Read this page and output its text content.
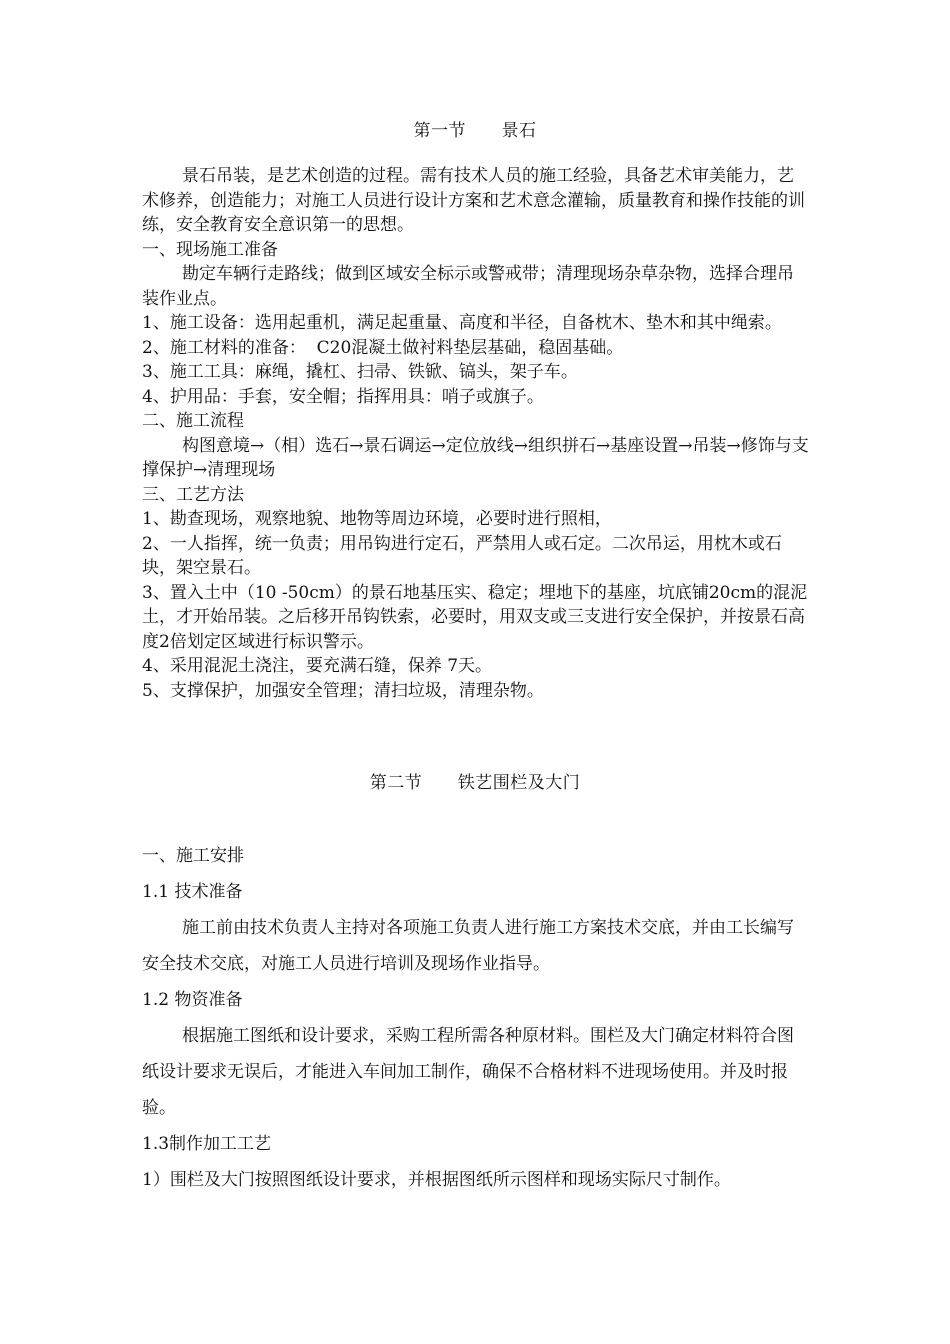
第一节      景石
景石吊装，是艺术创造的过程。需有技术人员的施工经验，具备艺术审美能力，艺术修养，创造能力；对施工人员进行设计方案和艺术意念灌输，质量教育和操作技能的训练，安全教育安全意识第一的思想。
一、现场施工准备
勘定车辆行走路线；做到区域安全标示或警戒带；清理现场杂草杂物，选择合理吊装作业点。
1、施工设备：选用起重机，满足起重量、高度和半径，自备枕木、垫木和其中绳索。
2、施工材料的准备：  C20混凝土做衬料垫层基础，稳固基础。
3、施工工具：麻绳，撬杠、扫帚、铁锨、镐头，架子车。
4、护用品：手套，安全帽；指挥用具：哨子或旗子。
二、施工流程
构图意境→（相）选石→景石调运→定位放线→组织拼石→基座设置→吊装→修饰与支撑保护→清理现场
三、工艺方法
1、勘查现场，观察地貌、地物等周边环境，必要时进行照相，
2、一人指挥，统一负责；用吊钩进行定石，严禁用人或石定。二次吊运，用枕木或石块，架空景石。
3、置入土中（10 -50cm）的景石地基压实、稳定；埋地下的基座，坑底铺20cm的混泥土，才开始吊装。之后移开吊钩铁索，必要时，用双支或三支进行安全保护，并按景石高度2倍划定区域进行标识警示。
4、采用混泥土浇注，要充满石缝，保养 7天。
5、支撑保护，加强安全管理；清扫垃圾，清理杂物。
第二节      铁艺围栏及大门
一、施工安排
1.1 技术准备
施工前由技术负责人主持对各项施工负责人进行施工方案技术交底，并由工长编写安全技术交底，对施工人员进行培训及现场作业指导。
1.2 物资准备
根据施工图纸和设计要求，采购工程所需各种原材料。围栏及大门确定材料符合图纸设计要求无误后，才能进入车间加工制作，确保不合格材料不进现场使用。并及时报验。
1.3制作加工工艺
1）围栏及大门按照图纸设计要求，并根据图纸所示图样和现场实际尺寸制作。
